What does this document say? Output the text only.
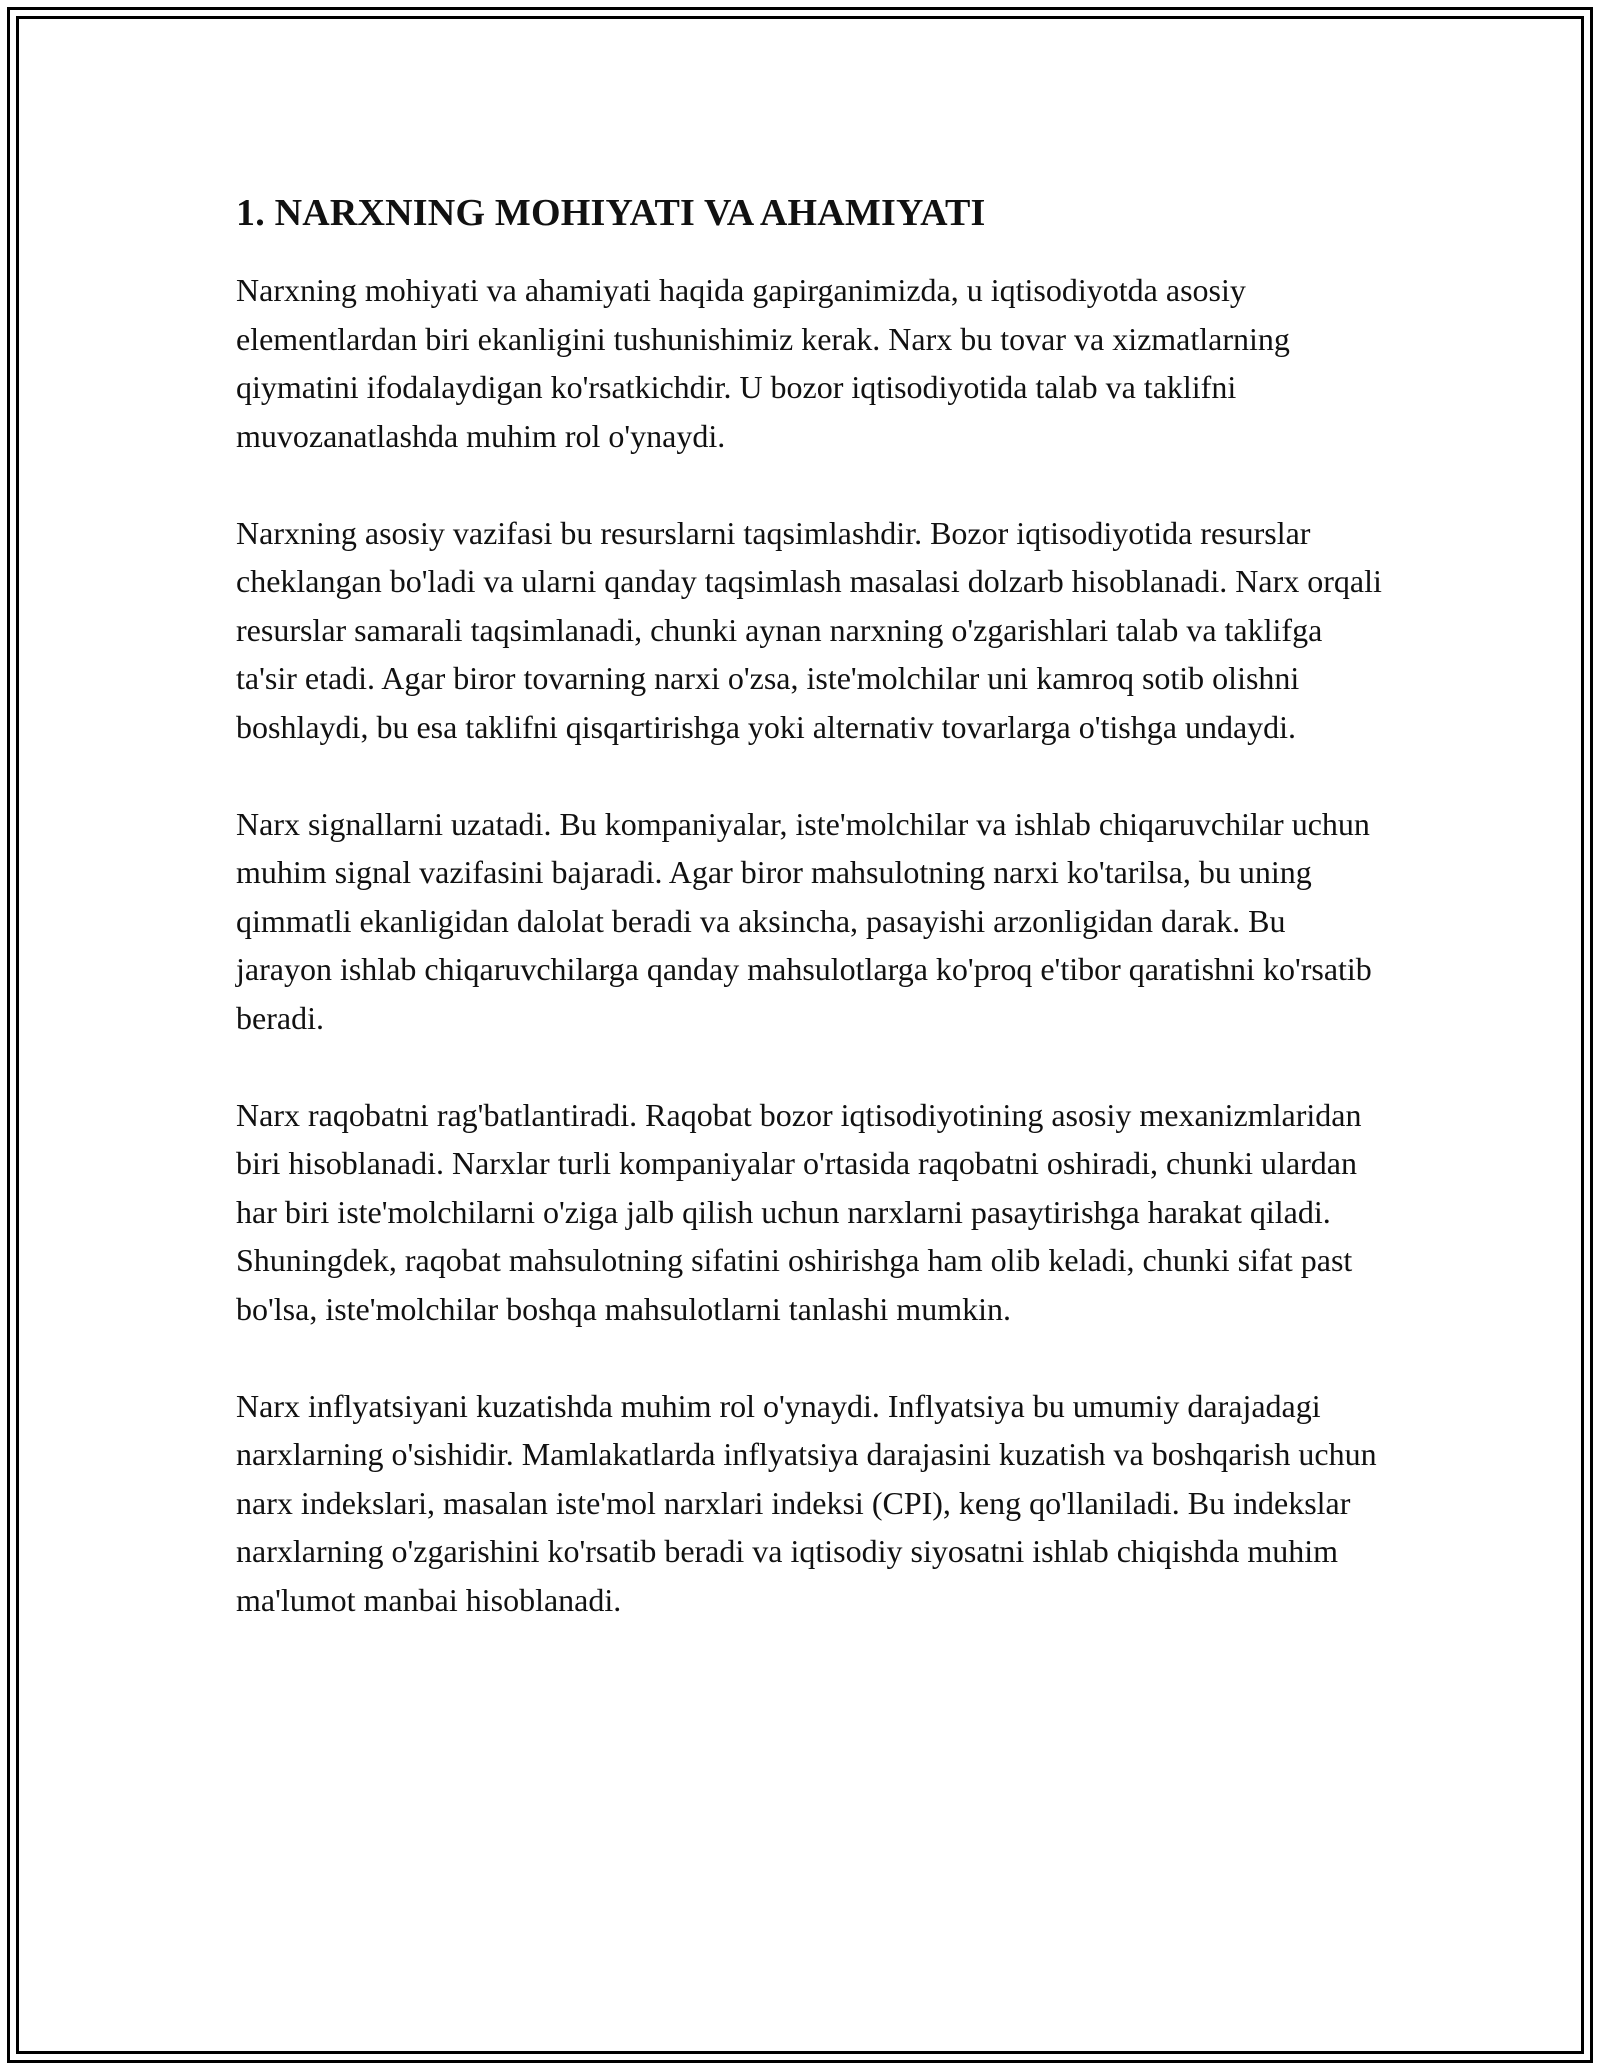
1. NARXNING MOHIYATI VA AHAMIYATI

Narxning mohiyati va ahamiyati haqida gapirganimizda, u iqtisodiyotda asosiy elementlardan biri ekanligini tushunishimiz kerak. Narx bu tovar va xizmatlarning qiymatini ifodalaydigan ko'rsatkichdir. U bozor iqtisodiyotida talab va taklifni muvozanatlashda muhim rol o'ynaydi.

Narxning asosiy vazifasi bu resurslarni taqsimlashdir. Bozor iqtisodiyotida resurslar cheklangan bo'ladi va ularni qanday taqsimlash masalasi dolzarb hisoblanadi. Narx orqali resurslar samarali taqsimlanadi, chunki aynan narxning o'zgarishlari talab va taklifga ta'sir etadi. Agar biror tovarning narxi o'zsa, iste'molchilar uni kamroq sotib olishni boshlaydi, bu esa taklifni qisqartirishga yoki alternativ tovarlarga o'tishga undaydi.

Narx signallarni uzatadi. Bu kompaniyalar, iste'molchilar va ishlab chiqaruvchilar uchun muhim signal vazifasini bajaradi. Agar biror mahsulotning narxi ko'tarilsa, bu uning qimmatli ekanligidan dalolat beradi va aksincha, pasayishi arzonligidan darak. Bu jarayon ishlab chiqaruvchilarga qanday mahsulotlarga ko'proq e'tibor qaratishni ko'rsatib beradi.

Narx raqobatni rag'batlantiradi. Raqobat bozor iqtisodiyotining asosiy mexanizmlaridan biri hisoblanadi. Narxlar turli kompaniyalar o'rtasida raqobatni oshiradi, chunki ulardan har biri iste'molchilarni o'ziga jalb qilish uchun narxlarni pasaytirishga harakat qiladi. Shuningdek, raqobat mahsulotning sifatini oshirishga ham olib keladi, chunki sifat past bo'lsa, iste'molchilar boshqa mahsulotlarni tanlashi mumkin.

Narx inflyatsiyani kuzatishda muhim rol o'ynaydi. Inflyatsiya bu umumiy darajadagi narxlarning o'sishidir. Mamlakatlarda inflyatsiya darajasini kuzatish va boshqarish uchun narx indekslari, masalan iste'mol narxlari indeksi (CPI), keng qo'llaniladi. Bu indekslar narxlarning o'zgarishini ko'rsatib beradi va iqtisodiy siyosatni ishlab chiqishda muhim ma'lumot manbai hisoblanadi.
